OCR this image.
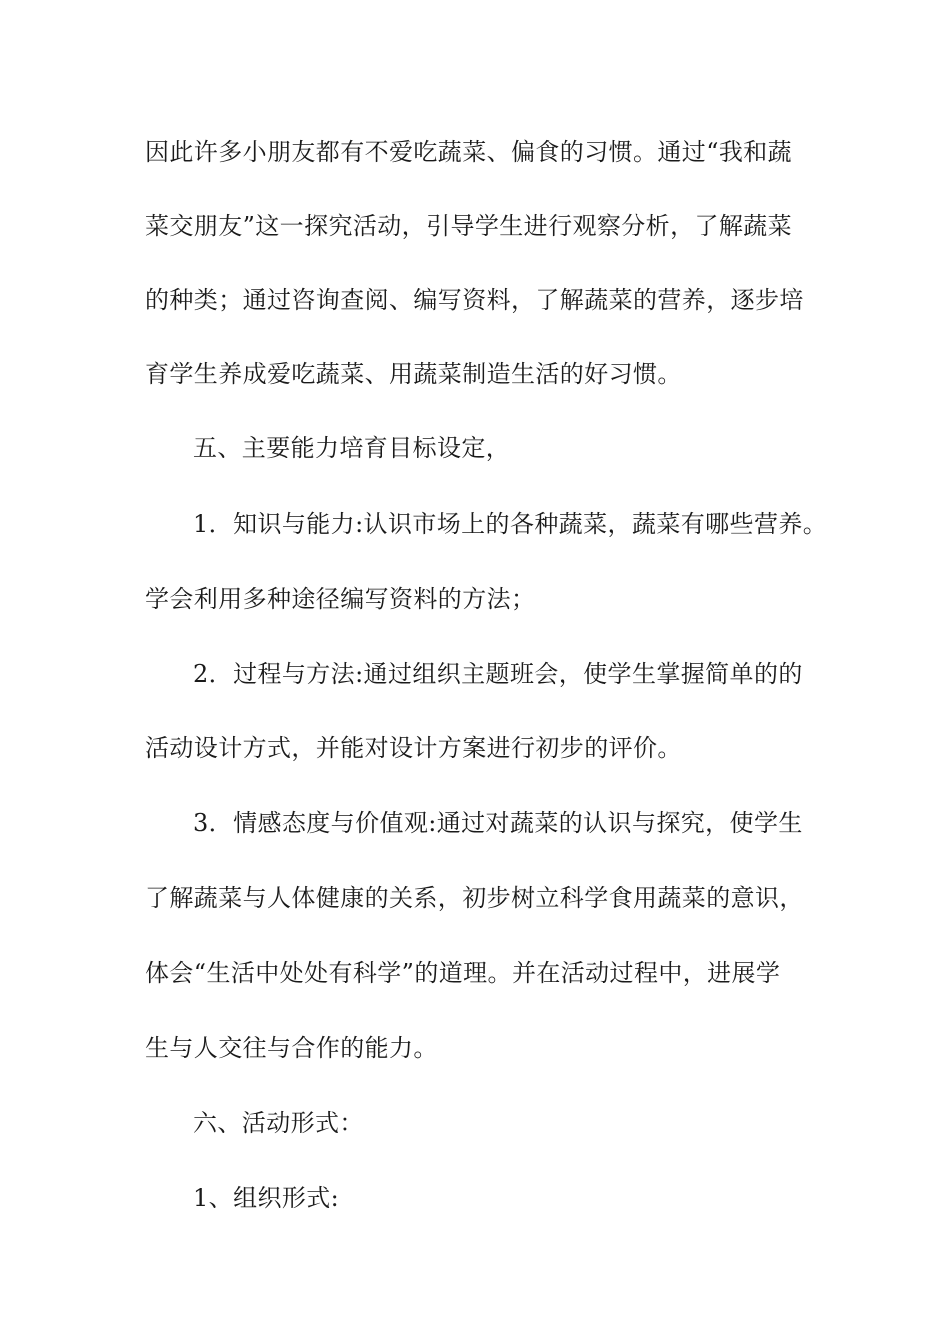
因此许多小朋友都有不爱吃蔬菜、偏食的习惯。通过“我和蔬
菜交朋友”这一探究活动，引导学生进行观察分析，了解蔬菜
的种类；通过咨询查阅、编写资料，了解蔬菜的营养，逐步培
育学生养成爱吃蔬菜、用蔬菜制造生活的好习惯。
五、主要能力培育目标设定，
1．知识与能力:认识市场上的各种蔬菜，蔬菜有哪些营养。
学会利用多种途径编写资料的方法；
2．过程与方法:通过组织主题班会，使学生掌握简单的的
活动设计方式，并能对设计方案进行初步的评价。
3．情感态度与价值观:通过对蔬菜的认识与探究，使学生
了解蔬菜与人体健康的关系，初步树立科学食用蔬菜的意识，
体会“生活中处处有科学”的道理。并在活动过程中，进展学
生与人交往与合作的能力。
六、活动形式：
1、组织形式:
